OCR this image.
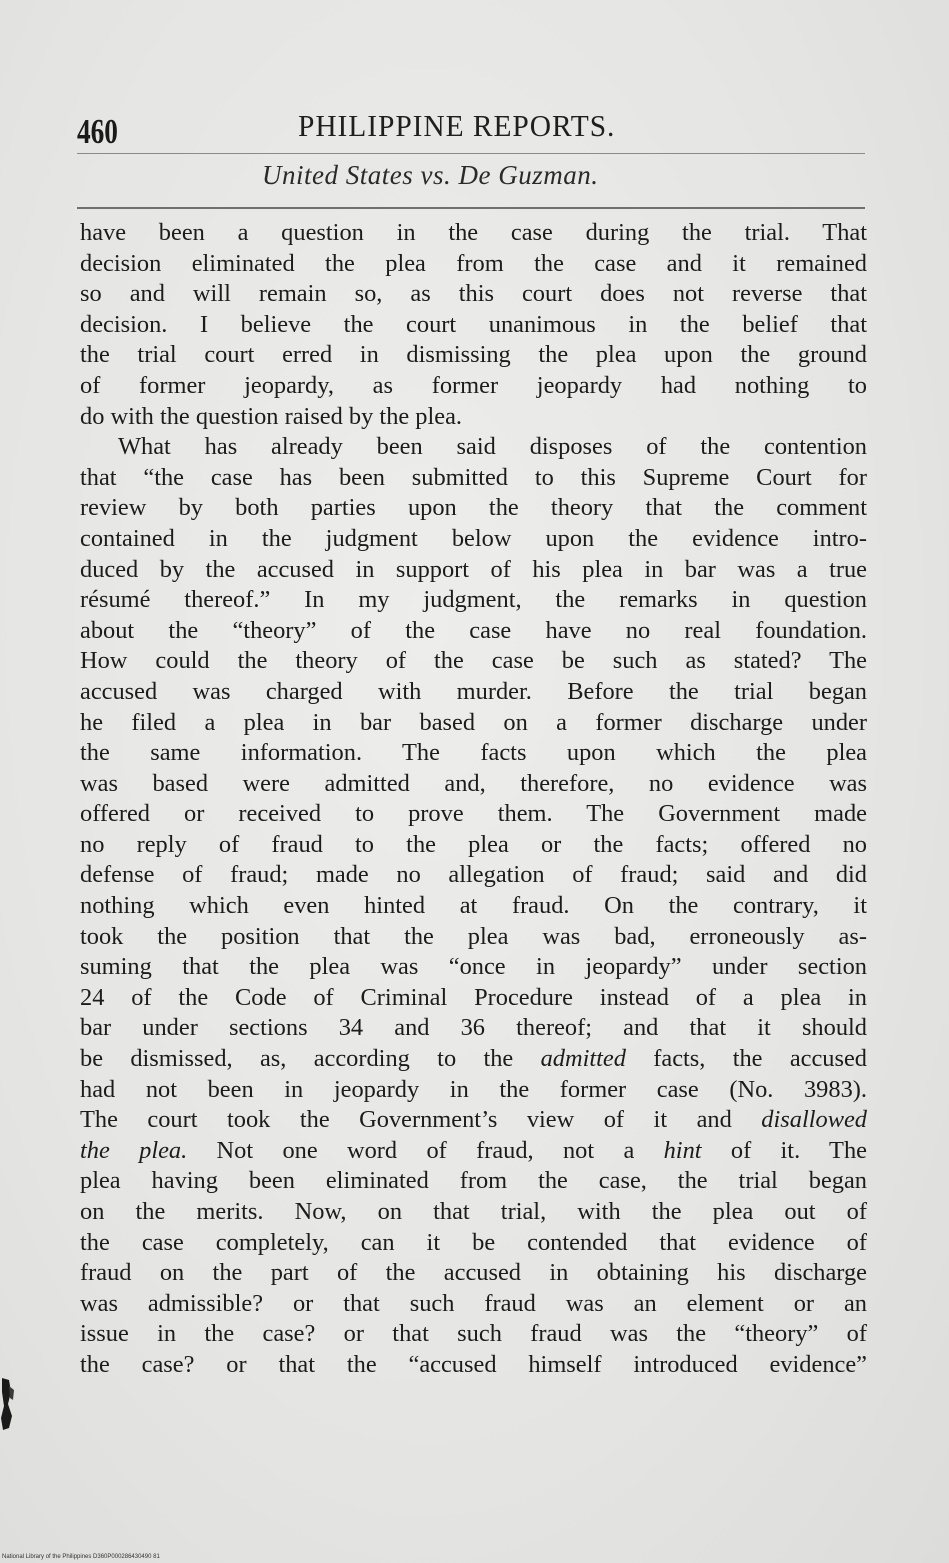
460	PHILIPPINE REPORTS.
United States vs. De Guzman.
have been a question in the case during the trial. That
decision eliminated the plea from the case and it remained
so and will remain so, as this court does not reverse that
decision. I believe the court unanimous in the belief that
the trial court erred in dismissing the plea upon the ground
of former jeopardy, as former jeopardy had nothing to
do with the question raised by the plea.
What has already been said disposes of the contention
that “the case has been submitted to this Supreme Court for
review by both parties upon the theory that the comment
contained in the judgment below upon the evidence intro-
duced by the accused in support of his plea in bar was a true
résumé thereof.” In my judgment, the remarks in question
about the “theory” of the case have no real foundation.
How could the theory of the case be such as stated? The
accused was charged with murder. Before the trial began
he filed a plea in bar based on a former discharge under
the same information. The facts upon which the plea
was based were admitted and, therefore, no evidence was
offered or received to prove them. The Government made
no reply of fraud to the plea or the facts; offered no
defense of fraud; made no allegation of fraud; said and did
nothing which even hinted at fraud. On the contrary, it
took the position that the plea was bad, erroneously as-
suming that the plea was “once in jeopardy” under section
24 of the Code of Criminal Procedure instead of a plea in
bar under sections 34 and 36 thereof; and that it should
be dismissed, as, according to the admitted facts, the accused
had not been in jeopardy in the former case (No. 3983).
The court took the Government’s view of it and disallowed
the plea. Not one word of fraud, not a hint of it. The
plea having been eliminated from the case, the trial began
on the merits. Now, on that trial, with the plea out of
the case completely, can it be contended that evidence of
fraud on the part of the accused in obtaining his discharge
was admissible? or that such fraud was an element or an
issue in the case? or that such fraud was the “theory” of
the case? or that the “accused himself introduced evidence”
National Library of the Philippines D360P000286430490 81
